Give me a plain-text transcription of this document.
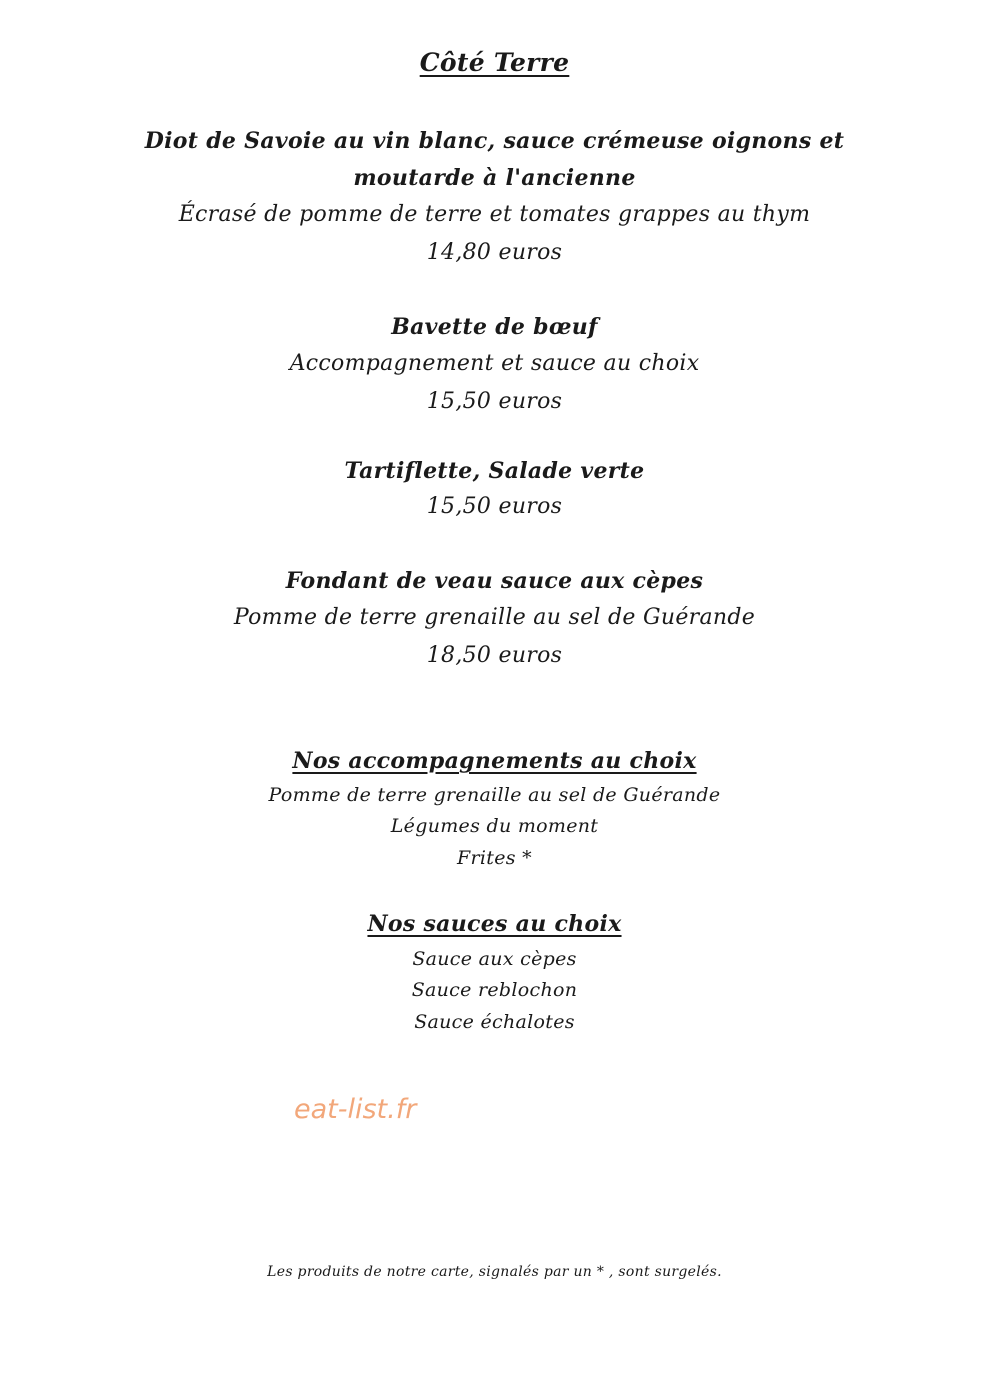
Côté Terre
Diot de Savoie au vin blanc, sauce crémeuse oignons et
moutarde à l'ancienne
Écrasé de pomme de terre et tomates grappes au thym
14,80 euros
Bavette de bœuf
Accompagnement et sauce au choix
15,50 euros
Tartiflette, Salade verte
15,50 euros
Fondant de veau sauce aux cèpes
Pomme de terre grenaille au sel de Guérande
18,50 euros
Nos accompagnements au choix
Pomme de terre grenaille au sel de Guérande
Légumes du moment
Frites *
Nos sauces au choix
Sauce aux cèpes
Sauce reblochon
Sauce échalotes
eat-list.fr
Les produits de notre carte, signalés par un * , sont surgelés.
